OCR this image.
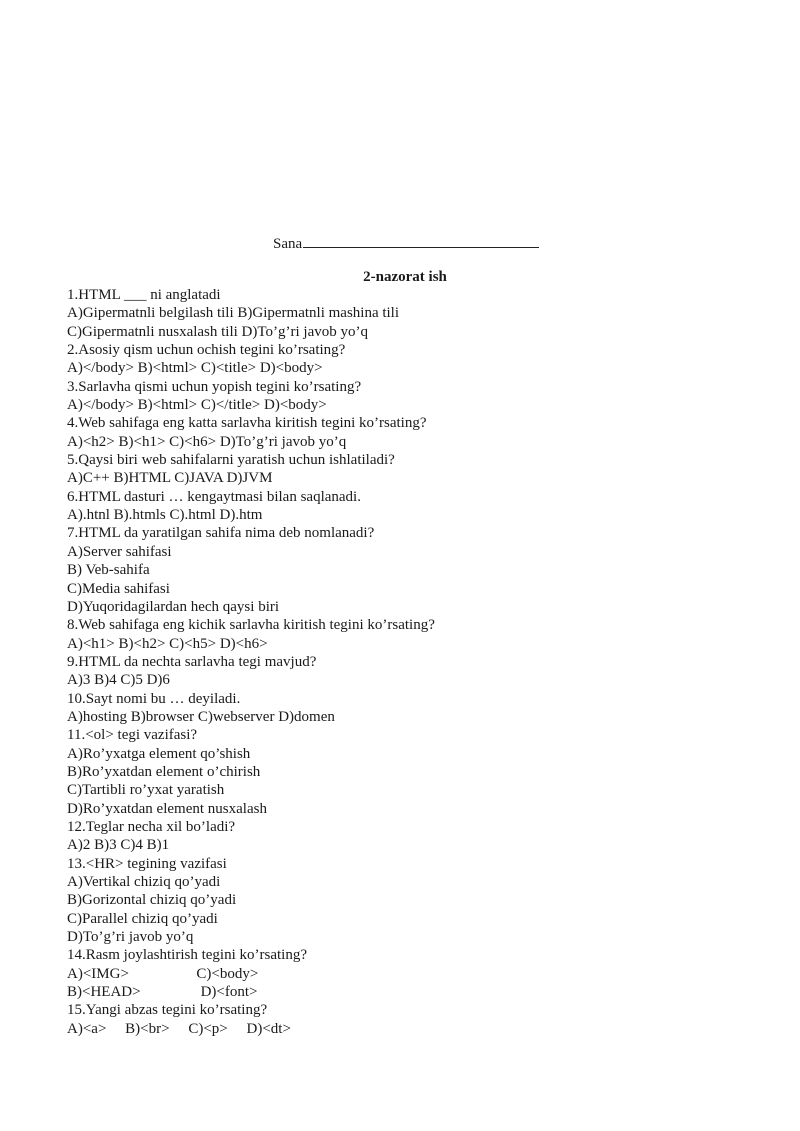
Sana
2-nazorat ish
1.HTML ___ ni anglatadi
A)Gipermatnli belgilash tili B)Gipermatnli mashina tili
C)Gipermatnli nusxalash tili D)To’g’ri javob yo’q
2.Asosiy qism uchun ochish tegini ko’rsating?
A)</body> B)<html> C)<title> D)<body>
3.Sarlavha qismi uchun yopish tegini ko’rsating?
A)</body> B)<html> C)</title> D)<body>
4.Web sahifaga eng katta sarlavha kiritish tegini ko’rsating?
A)<h2> B)<h1> C)<h6> D)To’g’ri javob yo’q
5.Qaysi biri web sahifalarni yaratish uchun ishlatiladi?
A)C++ B)HTML C)JAVA D)JVM
6.HTML dasturi … kengaytmasi bilan saqlanadi.
A).htnl B).htmls C).html D).htm
7.HTML da yaratilgan sahifa nima deb nomlanadi?
A)Server sahifasi
B) Veb-sahifa
C)Media sahifasi
D)Yuqoridagilardan hech qaysi biri
8.Web sahifaga eng kichik sarlavha kiritish tegini ko’rsating?
A)<h1> B)<h2> C)<h5> D)<h6>
9.HTML da nechta sarlavha tegi mavjud?
A)3 B)4 C)5 D)6
10.Sayt nomi bu … deyiladi.
A)hosting B)browser C)webserver D)domen
11.<ol> tegi vazifasi?
A)Ro’yxatga element qo’shish
B)Ro’yxatdan element o’chirish
C)Tartibli ro’yxat yaratish
D)Ro’yxatdan element nusxalash
12.Teglar necha xil bo’ladi?
A)2 B)3 C)4 B)1
13.<HR> tegining vazifasi
A)Vertikal chiziq qo’yadi
B)Gorizontal chiziq qo’yadi
C)Parallel chiziq qo’yadi
D)To’g’ri javob yo’q
14.Rasm joylashtirish tegini ko’rsating?
A)<IMG>                  C)<body>
B)<HEAD>                D)<font>
15.Yangi abzas tegini ko’rsating?
A)<a>     B)<br>     C)<p>     D)<dt>
